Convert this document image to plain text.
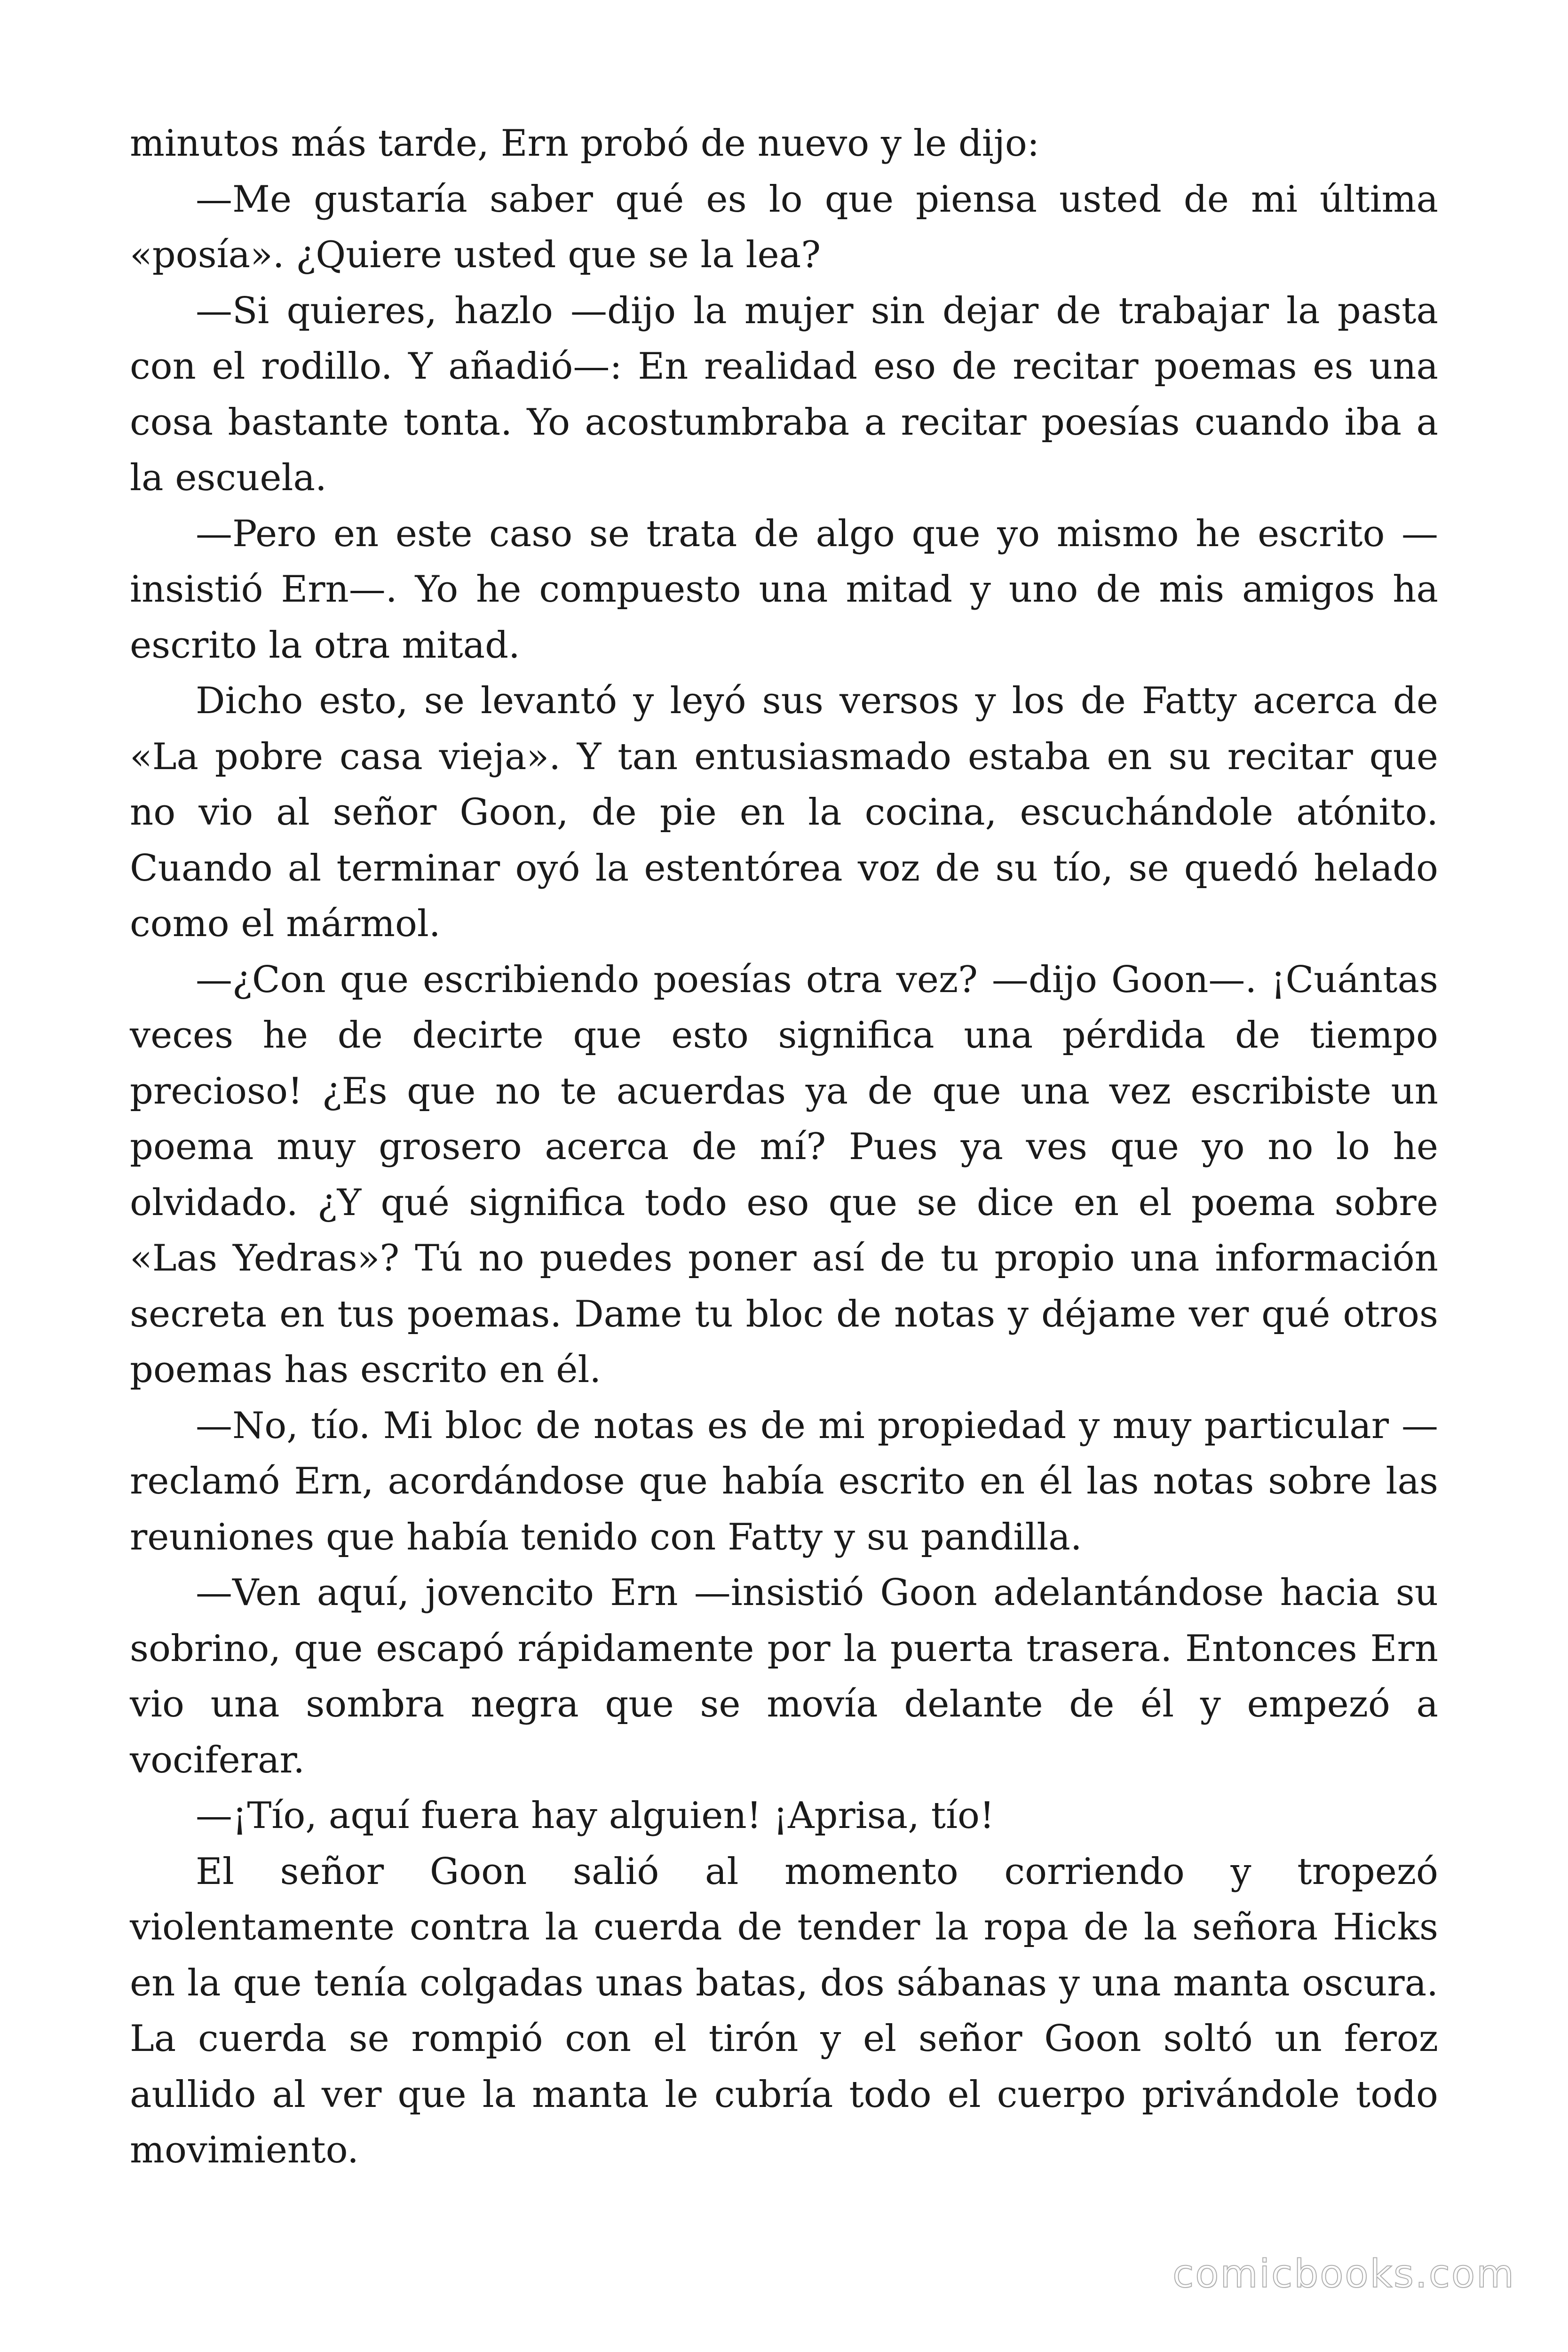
minutos más tarde, Ern probó de nuevo y le dijo:

—Me gustaría saber qué es lo que piensa usted de mi última «posía». ¿Quiere usted que se la lea?

—Si quieres, hazlo —dijo la mujer sin dejar de trabajar la pasta con el rodillo. Y añadió—: En realidad eso de recitar poemas es una cosa bastante tonta. Yo acostumbraba a recitar poesías cuando iba a la escuela.

—Pero en este caso se trata de algo que yo mismo he escrito —insistió Ern—. Yo he compuesto una mitad y uno de mis amigos ha escrito la otra mitad.

Dicho esto, se levantó y leyó sus versos y los de Fatty acerca de «La pobre casa vieja». Y tan entusiasmado estaba en su recitar que no vio al señor Goon, de pie en la cocina, escuchándole atónito. Cuando al terminar oyó la estentórea voz de su tío, se quedó helado como el mármol.

—¿Con que escribiendo poesías otra vez? —dijo Goon—. ¡Cuántas veces he de decirte que esto significa una pérdida de tiempo precioso! ¿Es que no te acuerdas ya de que una vez escribiste un poema muy grosero acerca de mí? Pues ya ves que yo no lo he olvidado. ¿Y qué significa todo eso que se dice en el poema sobre «Las Yedras»? Tú no puedes poner así de tu propio una información secreta en tus poemas. Dame tu bloc de notas y déjame ver qué otros poemas has escrito en él.

—No, tío. Mi bloc de notas es de mi propiedad y muy particular —reclamó Ern, acordándose que había escrito en él las notas sobre las reuniones que había tenido con Fatty y su pandilla.

—Ven aquí, jovencito Ern —insistió Goon adelantándose hacia su sobrino, que escapó rápidamente por la puerta trasera. Entonces Ern vio una sombra negra que se movía delante de él y empezó a vociferar.

—¡Tío, aquí fuera hay alguien! ¡Aprisa, tío!

El señor Goon salió al momento corriendo y tropezó violentamente contra la cuerda de tender la ropa de la señora Hicks en la que tenía colgadas unas batas, dos sábanas y una manta oscura. La cuerda se rompió con el tirón y el señor Goon soltó un feroz aullido al ver que la manta le cubría todo el cuerpo privándole todo movimiento.

comicbooks.com
